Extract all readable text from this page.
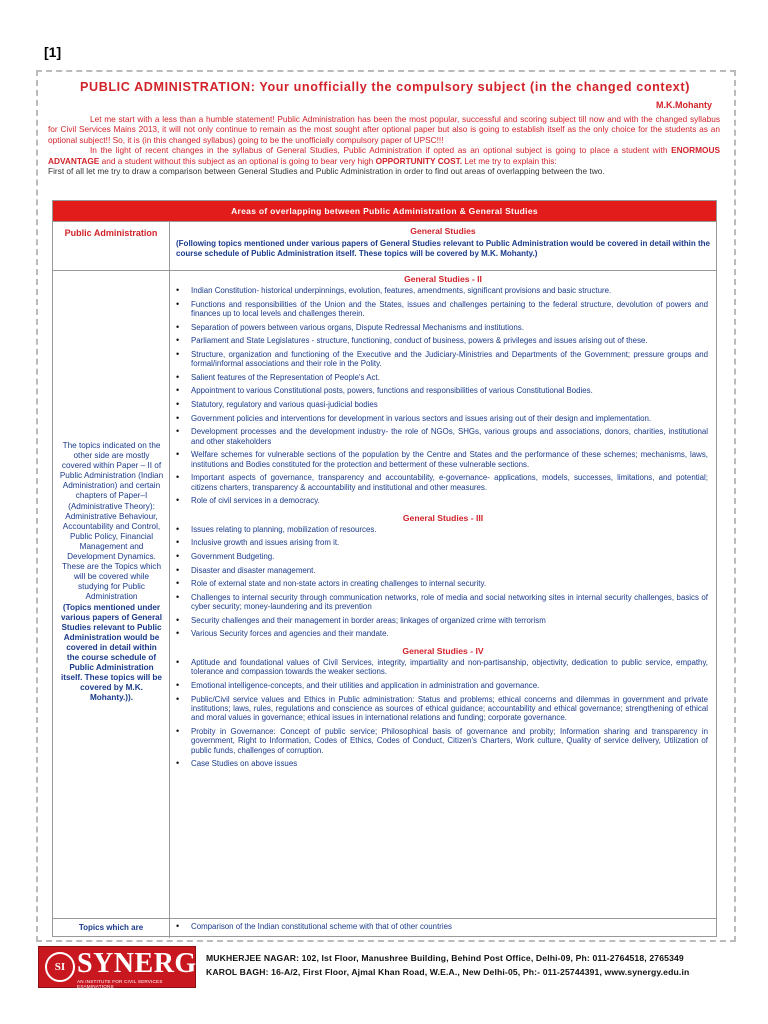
[1]
PUBLIC ADMINISTRATION: Your unofficially the compulsory subject (in the changed context)
M.K.Mohanty

Let me start with a less than a humble statement! Public Administration has been the most popular, successful and scoring subject till now and with the changed syllabus for Civil Services Mains 2013, it will not only continue to remain as the most sought after optional paper but also is going to establish itself as the only choice for the students as an optional subject!! So, it is (in this changed syllabus) going to be the unofficially compulsory paper of UPSC!!!

In the light of recent changes in the syllabus of General Studies, Public Administration if opted as an optional subject is going to place a student with ENORMOUS ADVANTAGE and a student without this subject as an optional is going to bear very high OPPORTUNITY COST. Let me try to explain this:

First of all let me try to draw a comparison between General Studies and Public Administration in order to find out areas of overlapping between the two.

Areas of overlapping between Public Administration & General Studies
Public Administration	General Studies
(Following topics mentioned under various papers of General Studies relevant to Public Administration would be covered in detail within the course schedule of Public Administration itself. These topics will be covered by M.K. Mohanty.)
The topics indicated on the other side are mostly covered within Paper – II of Public Administration (Indian Administration) and certain chapters of Paper–I (Administrative Theory): Administrative Behaviour, Accountability and Control, Public Policy, Financial Management and Development Dynamics.
These are the Topics which will be covered while studying for Public Administration
(Topics mentioned under various papers of General Studies relevant to Public Administration would be covered in detail within the course schedule of Public Administration itself. These topics will be covered by M.K. Mohanty.)).
General Studies - II
• Indian Constitution- historical underpinnings, evolution, features, amendments, significant provisions and basic structure.
• Functions and responsibilities of the Union and the States, issues and challenges pertaining to the federal structure, devolution of powers and finances up to local levels and challenges therein.
• Separation of powers between various organs, Dispute Redressal Mechanisms and institutions.
• Parliament and State Legislatures - structure, functioning, conduct of business, powers & privileges and issues arising out of these.
• Structure, organization and functioning of the Executive and the Judiciary-Ministries and Departments of the Government; pressure groups and formal/informal associations and their role in the Polity.
• Salient features of the Representation of People's Act.
• Appointment to various Constitutional posts, powers, functions and responsibilities of various Constitutional Bodies.
• Statutory, regulatory and various quasi-judicial bodies
• Government policies and interventions for development in various sectors and issues arising out of their design and implementation.
• Development processes and the development industry- the role of NGOs, SHGs, various groups and associations, donors, charities, institutional and other stakeholders
• Welfare schemes for vulnerable sections of the population by the Centre and States and the performance of these schemes; mechanisms, laws, institutions and Bodies constituted for the protection and betterment of these vulnerable sections.
• Important aspects of governance, transparency and accountability, e-governance- applications, models, successes, limitations, and potential; citizens charters, transparency & accountability and institutional and other measures.
• Role of civil services in a democracy.
General Studies - III
• Issues relating to planning, mobilization of resources.
• Inclusive growth and issues arising from it.
• Government Budgeting.
• Disaster and disaster management.
• Role of external state and non-state actors in creating challenges to internal security.
• Challenges to internal security through communication networks, role of media and social networking sites in internal security challenges, basics of cyber security; money-laundering and its prevention
• Security challenges and their management in border areas; linkages of organized crime with terrorism
• Various Security forces and agencies and their mandate.
General Studies - IV
• Aptitude and foundational values of Civil Services, integrity, impartiality and non-partisanship, objectivity, dedication to public service, empathy, tolerance and compassion towards the weaker sections.
• Emotional intelligence-concepts, and their utilities and application in administration and governance.
• Public/Civil service values and Ethics in Public administration: Status and problems; ethical concerns and dilemmas in government and private institutions; laws, rules, regulations and conscience as sources of ethical guidance; accountability and ethical governance; strengthening of ethical and moral values in governance; ethical issues in international relations and funding; corporate governance.
• Probity in Governance: Concept of public service; Philosophical basis of governance and probity; Information sharing and transparency in government, Right to Information, Codes of Ethics, Codes of Conduct, Citizen's Charters, Work culture, Quality of service delivery, Utilization of public funds, challenges of corruption.
• Case Studies on above issues
Topics which are
•	Comparison of the Indian constitutional scheme with that of other countries
SI SYNERGY
AN INSTITUTE FOR CIVIL SERVICES EXAMINATIONS
MUKHERJEE NAGAR: 102, Ist Floor, Manushree Building, Behind Post Office, Delhi-09, Ph: 011-2764518, 2765349
KAROL BAGH: 16-A/2, First Floor, Ajmal Khan Road, W.E.A., New Delhi-05, Ph:- 011-25744391, www.synergy.edu.in
